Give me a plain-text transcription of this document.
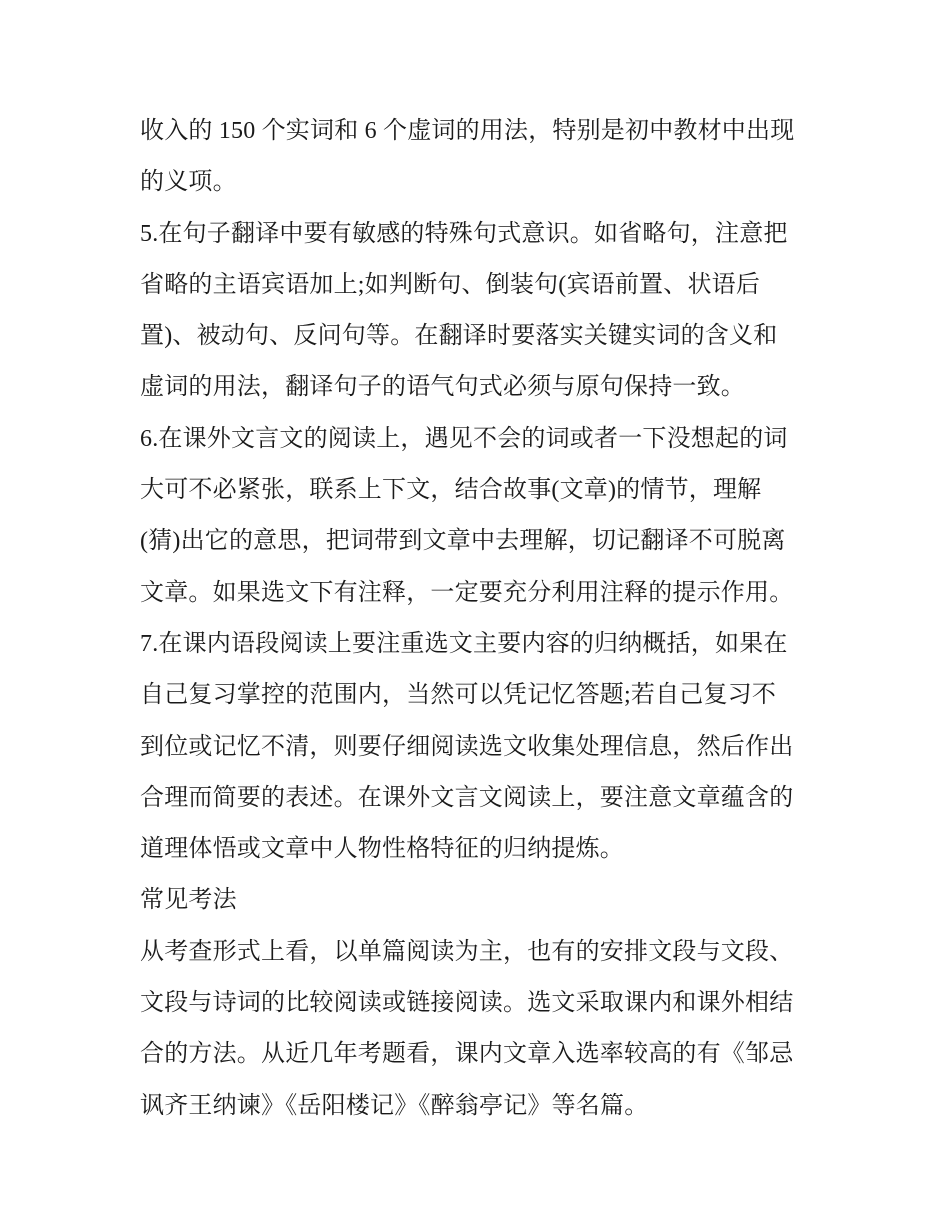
收入的 150 个实词和 6 个虚词的用法，特别是初中教材中出现
的义项。
5.在句子翻译中要有敏感的特殊句式意识。如省略句，注意把
省略的主语宾语加上;如判断句、倒装句(宾语前置、状语后
置)、被动句、反问句等。在翻译时要落实关键实词的含义和
虚词的用法，翻译句子的语气句式必须与原句保持一致。
6.在课外文言文的阅读上，遇见不会的词或者一下没想起的词
大可不必紧张，联系上下文，结合故事(文章)的情节，理解
(猜)出它的意思，把词带到文章中去理解，切记翻译不可脱离
文章。如果选文下有注释，一定要充分利用注释的提示作用。
7.在课内语段阅读上要注重选文主要内容的归纳概括，如果在
自己复习掌控的范围内，当然可以凭记忆答题;若自己复习不
到位或记忆不清，则要仔细阅读选文收集处理信息，然后作出
合理而简要的表述。在课外文言文阅读上，要注意文章蕴含的
道理体悟或文章中人物性格特征的归纳提炼。
常见考法
从考查形式上看，以单篇阅读为主，也有的安排文段与文段、
文段与诗词的比较阅读或链接阅读。选文采取课内和课外相结
合的方法。从近几年考题看，课内文章入选率较高的有《邹忌
讽齐王纳谏》《岳阳楼记》《醉翁亭记》等名篇。
